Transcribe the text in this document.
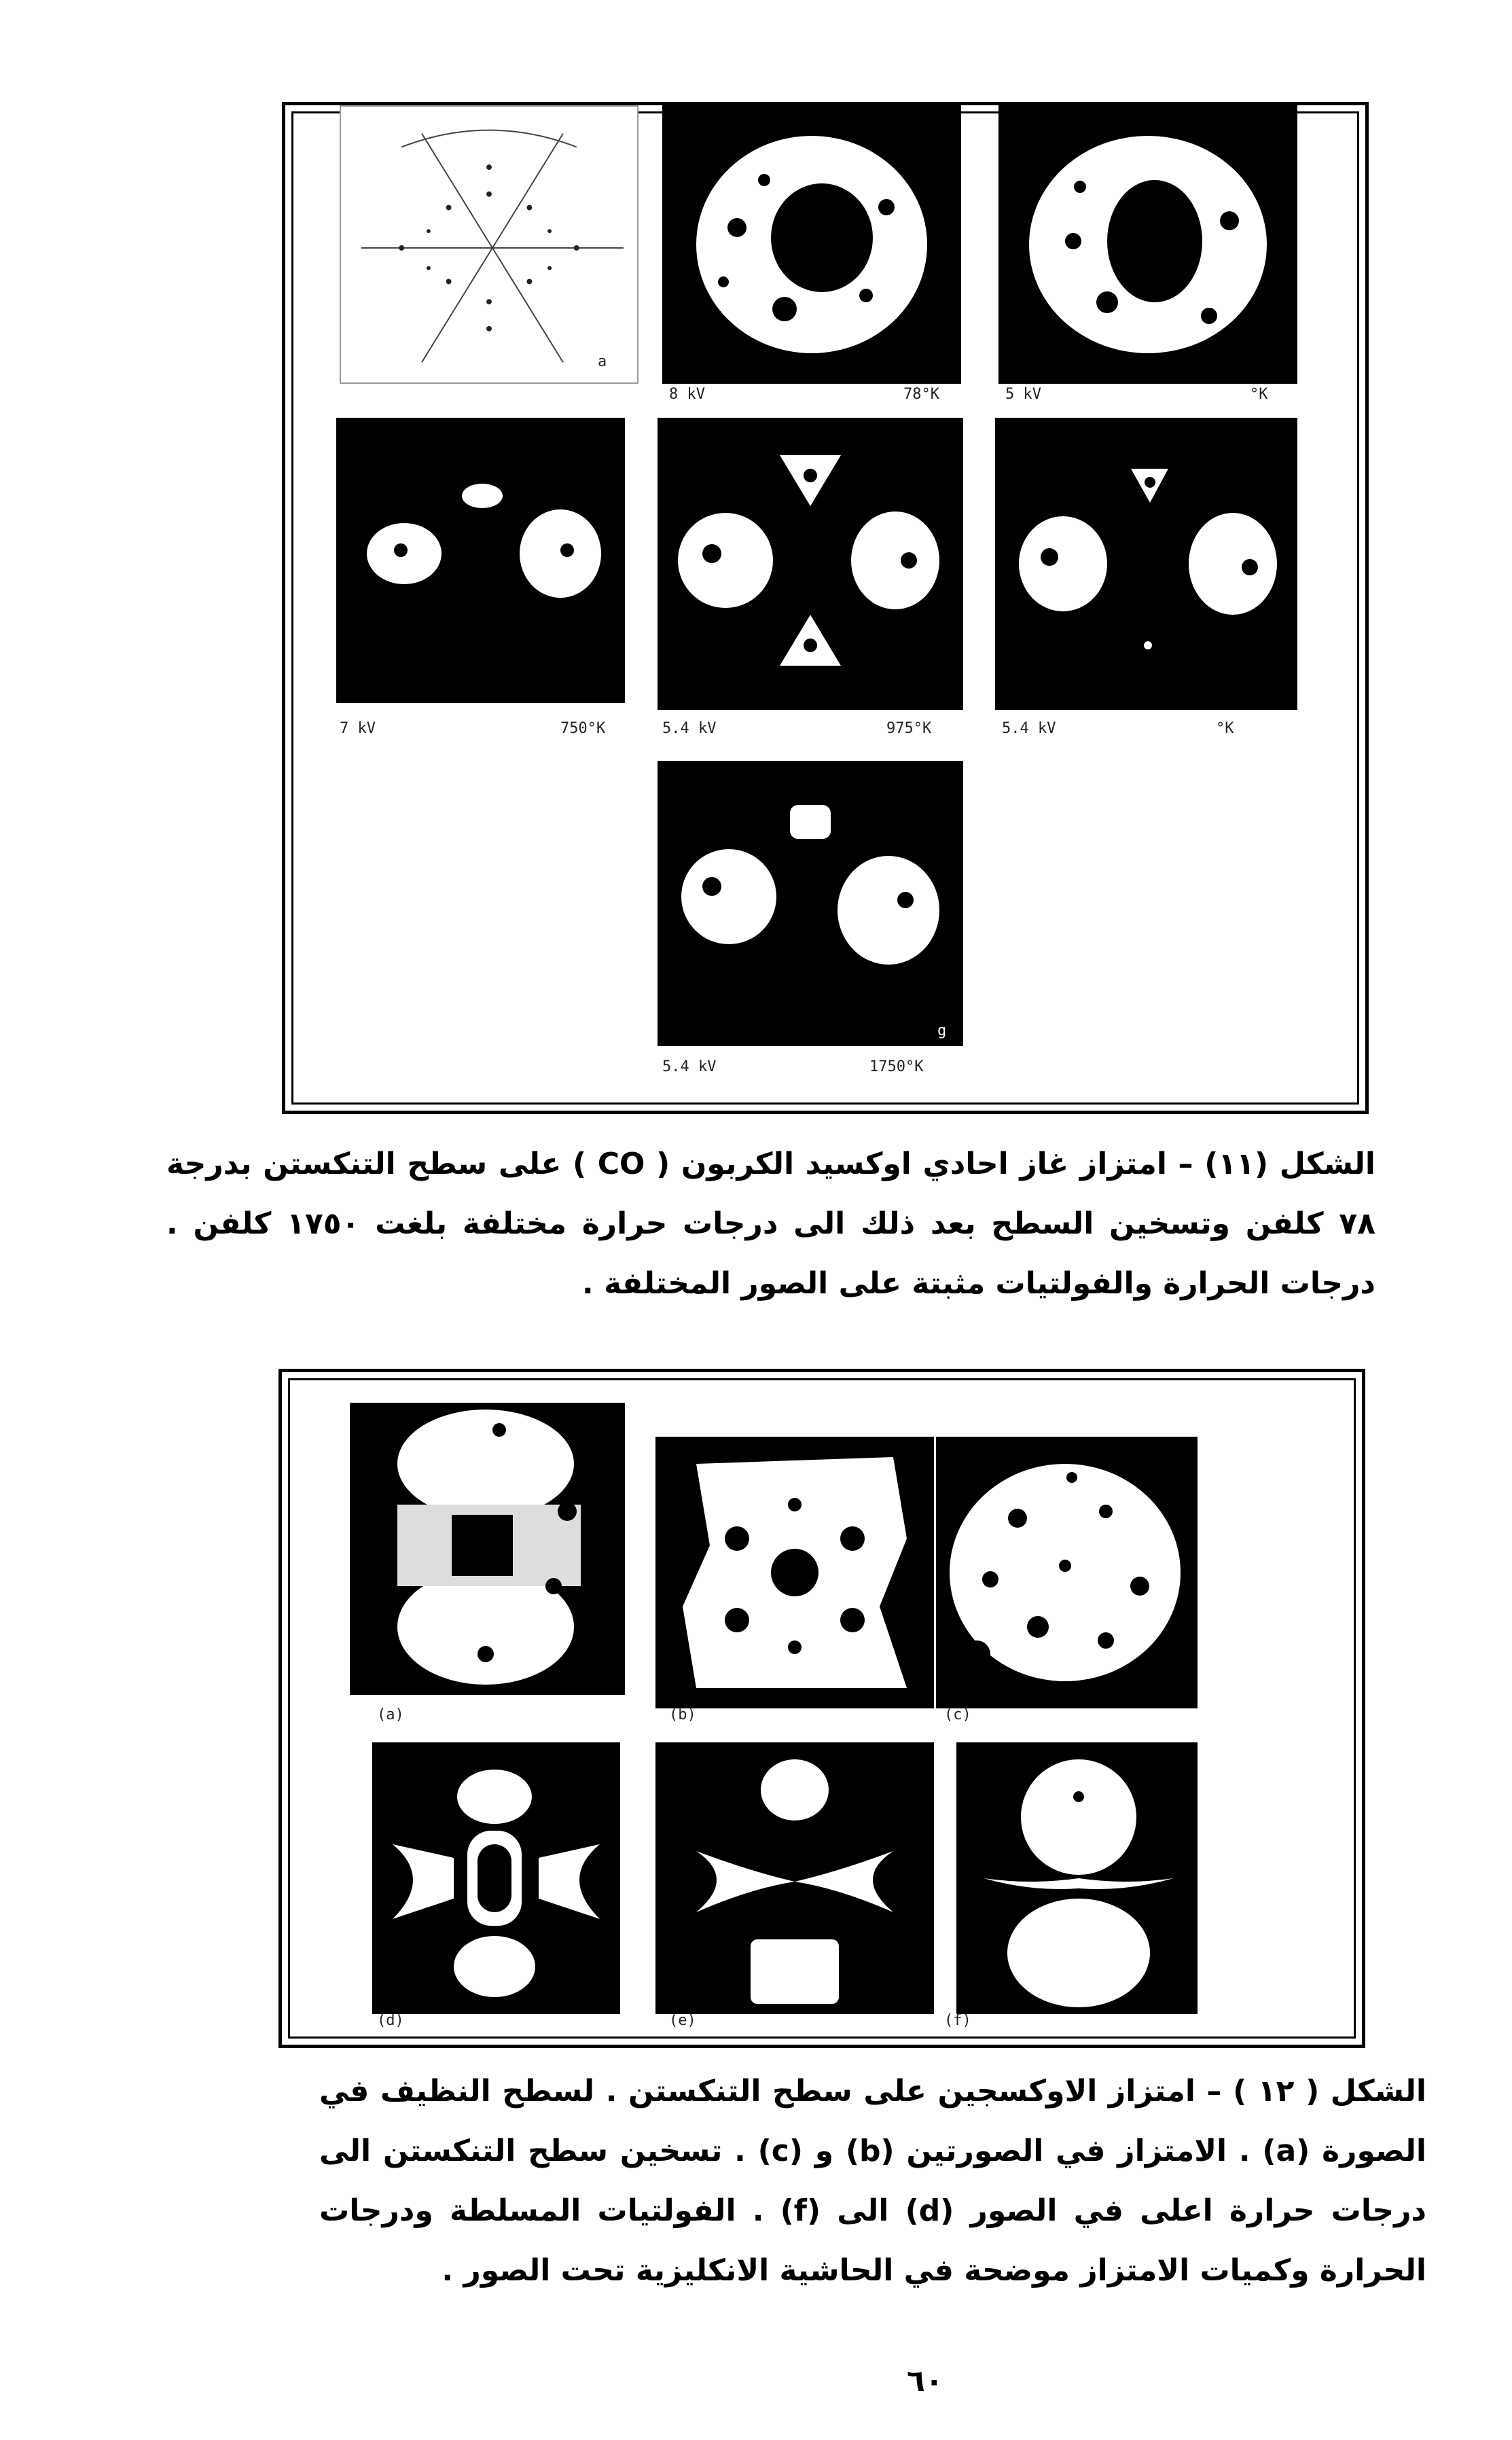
a
8 kV	78°K	5 kV	°K
7 kV	750°K	5.4 kV	975°K	5.4 kV	°K
g
5.4 kV	1750°K
الشكل (١١) – امتزاز غاز احادي اوكسيد الكربون ( CO ) على سطح التنكستن بدرجة ٧٨ كلفن وتسخين السطح بعد ذلك الى درجات حرارة مختلفة بلغت ١٧٥٠ كلفن . درجات الحرارة والفولتيات مثبتة على الصور المختلفة .
(a)	(b)	(c)
(d)	(e)	(f)
الشكل ( ١٢ ) – امتزاز الاوكسجين على سطح التنكستن . لسطح النظيف في الصورة (a) . الامتزاز في الصورتين (b) و (c) . تسخين سطح التنكستن الى درجات حرارة اعلى في الصور (d) الى (f) . الفولتيات المسلطة ودرجات الحرارة وكميات الامتزاز موضحة في الحاشية الانكليزية تحت الصور .
٦٠
